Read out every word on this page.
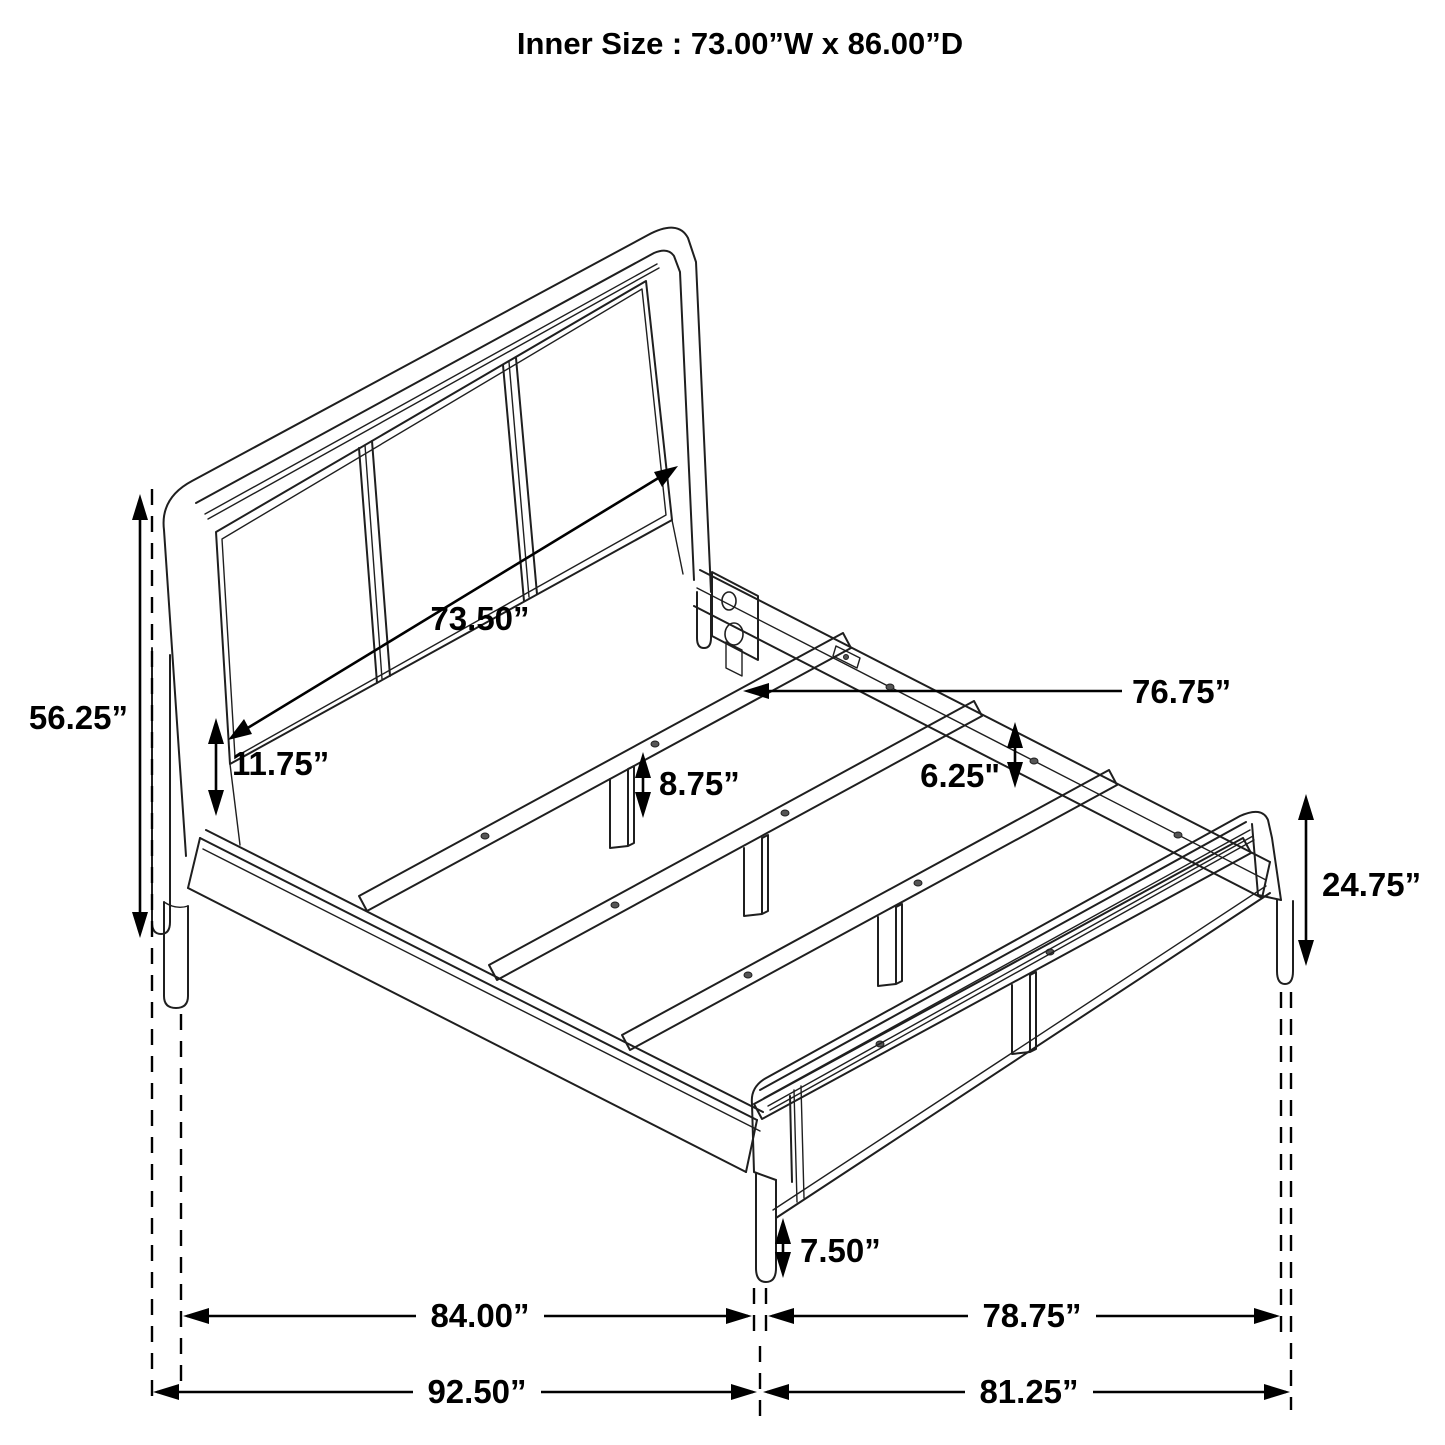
Inner Size : 73.00”W x 86.00”D
56.25”
11.75”
73.50”
76.75”
6.25"
8.75”
24.75”
7.50”
84.00”	78.75”
92.50”	81.25”
